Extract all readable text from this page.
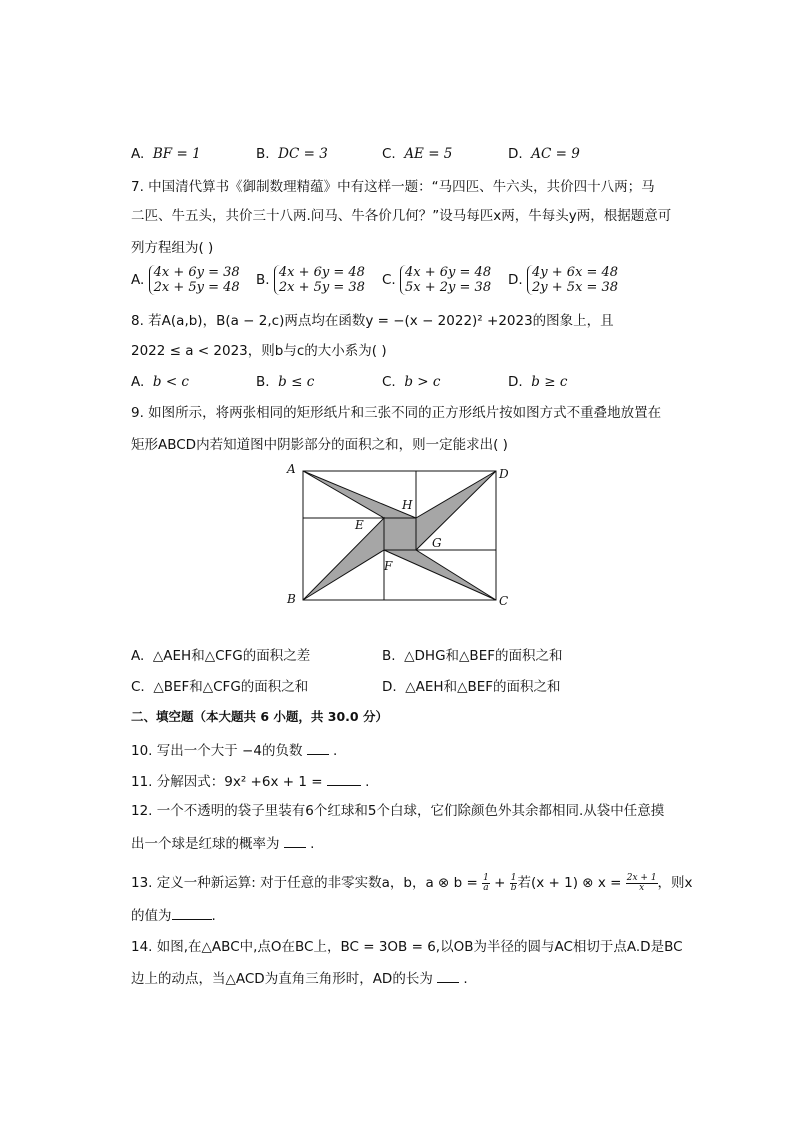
A. BF = 1	B. DC = 3	C. AE = 5	D. AC = 9
7. 中国清代算书《御制数理精蕴》中有这样一题：“马四匹、牛六头，共价四十八两；马
二匹、牛五头，共价三十八两.问马、牛各价几何？”设马每匹x两，牛每头y两，根据题意可
列方程组为( )
A. 4x + 6y = 38
2x + 5y = 48 B. 4x + 6y = 48
2x + 5y = 38 C. 4x + 6y = 48
5x + 2y = 38 D. 4y + 6x = 48
2y + 5x = 38
8. 若A(a,b)，B(a − 2,c)两点均在函数y = −(x − 2022)² +2023的图象上，且
2022 ≤ a < 2023，则b与c的大小系为( )
A. b < c	B. b ≤ c	C. b > c	D. b ≥ c
9. 如图所示，将两张相同的矩形纸片和三张不同的正方形纸片按如图方式不重叠地放置在
矩形ABCD内若知道图中阴影部分的面积之和，则一定能求出( )
A	D
B	C
H
E
G
F
A. △AEH和△CFG的面积之差	B. △DHG和△BEF的面积之和
C. △BEF和△CFG的面积之和	D. △AEH和△BEF的面积之和
二、填空题（本大题共 6 小题，共 30.0 分）
10. 写出一个大于 −4的负数  .
11. 分解因式：9x² +6x + 1 =	.
12. 一个不透明的袋子里装有6个红球和5个白球，它们除颜色外其余都相同.从袋中任意摸
出一个球是红球的概率为  .
13. 定义一种新运算: 对于任意的非零实数a，b，a ⊗ $b = \frac{1}{a} + \frac{1}{b}$ 若(x + 1) ⊗ $x = \frac{2x + 1}{x}$ ，则x
的值为	.
14. 如图,在△ABC中,点O在BC上，BC = 3OB = 6,以OB为半径的圆与AC相切于点A.D是BC
边上的动点，当△ACD为直角三角形时，AD的长为  .
